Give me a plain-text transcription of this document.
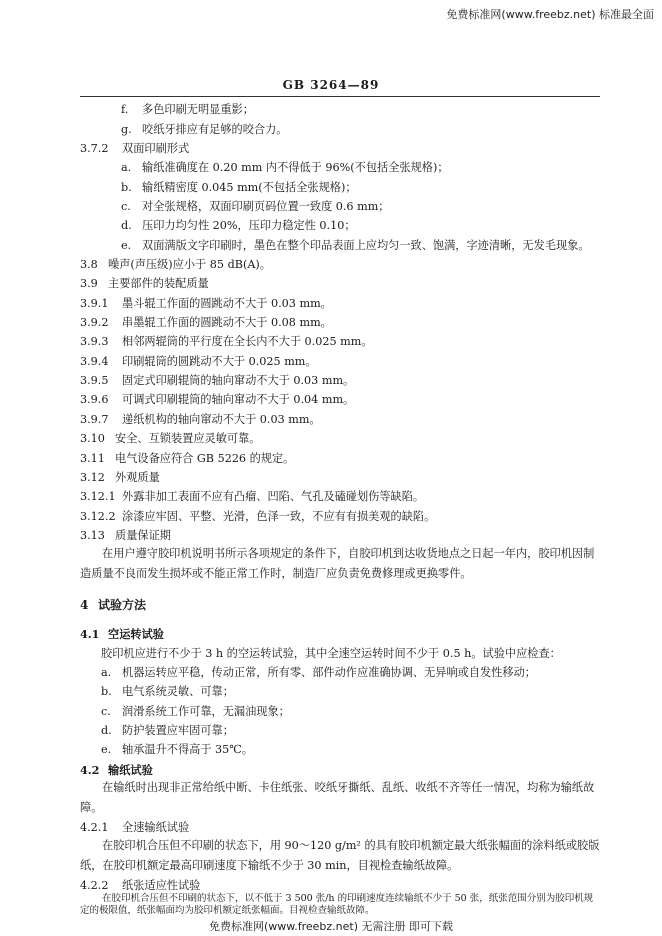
免费标准网(www.freebz.net) 标准最全面
GB 3264—89
f. 多色印刷无明显重影；
g. 咬纸牙排应有足够的咬合力。
3.7.2 双面印刷形式
a. 输纸准确度在 0.20 mm 内不得低于 96%(不包括全张规格)；
b. 输纸精密度 0.045 mm(不包括全张规格)；
c. 对全张规格，双面印刷页码位置一致度 0.6 mm；
d. 压印力均匀性 20%，压印力稳定性 0.10；
e. 双面满版文字印刷时，墨色在整个印品表面上应均匀一致、饱满，字迹清晰，无发毛现象。
3.8 噪声(声压级)应小于 85 dB(A)。
3.9 主要部件的装配质量
3.9.1 墨斗辊工作面的圆跳动不大于 0.03 mm。
3.9.2 串墨辊工作面的圆跳动不大于 0.08 mm。
3.9.3 相邻两辊筒的平行度在全长内不大于 0.025 mm。
3.9.4 印刷辊筒的圆跳动不大于 0.025 mm。
3.9.5 固定式印刷辊筒的轴向窜动不大于 0.03 mm。
3.9.6 可调式印刷辊筒的轴向窜动不大于 0.04 mm。
3.9.7 递纸机构的轴向窜动不大于 0.03 mm。
3.10 安全、互锁装置应灵敏可靠。
3.11 电气设备应符合 GB 5226 的规定。
3.12 外观质量
3.12.1 外露非加工表面不应有凸瘤、凹陷、气孔及磕碰划伤等缺陷。
3.12.2 涂漆应牢固、平整、光滑，色泽一致，不应有有损美观的缺陷。
3.13 质量保证期
在用户遵守胶印机说明书所示各项规定的条件下，自胶印机到达收货地点之日起一年内，胶印机因制造质量不良而发生损坏或不能正常工作时，制造厂应负责免费修理或更换零件。
4 试验方法
4.1 空运转试验
胶印机应进行不少于 3 h 的空运转试验，其中全速空运转时间不少于 0.5 h。试验中应检查：
a. 机器运转应平稳，传动正常，所有零、部件动作应准确协调、无异响或自发性移动；
b. 电气系统灵敏、可靠；
c. 润滑系统工作可靠，无漏油现象；
d. 防护装置应牢固可靠；
e. 轴承温升不得高于 35℃。
4.2 输纸试验
在输纸时出现非正常给纸中断、卡住纸张、咬纸牙撕纸、乱纸、收纸不齐等任一情况，均称为输纸故障。
4.2.1 全速输纸试验
在胶印机合压但不印刷的状态下，用 90～120 g/m² 的具有胶印机额定最大纸张幅面的涂料纸或胶版纸，在胶印机额定最高印刷速度下输纸不少于 30 min，目视检查输纸故障。
4.2.2 纸张适应性试验
在胶印机合压但不印刷的状态下，以不低于 3 500 张/h 的印刷速度连续输纸不少于 50 张，纸张范围分别为胶印机规定的极限值，纸张幅面均为胶印机额定纸张幅面。目视检查输纸故障。
免费标准网(www.freebz.net) 无需注册 即可下载
